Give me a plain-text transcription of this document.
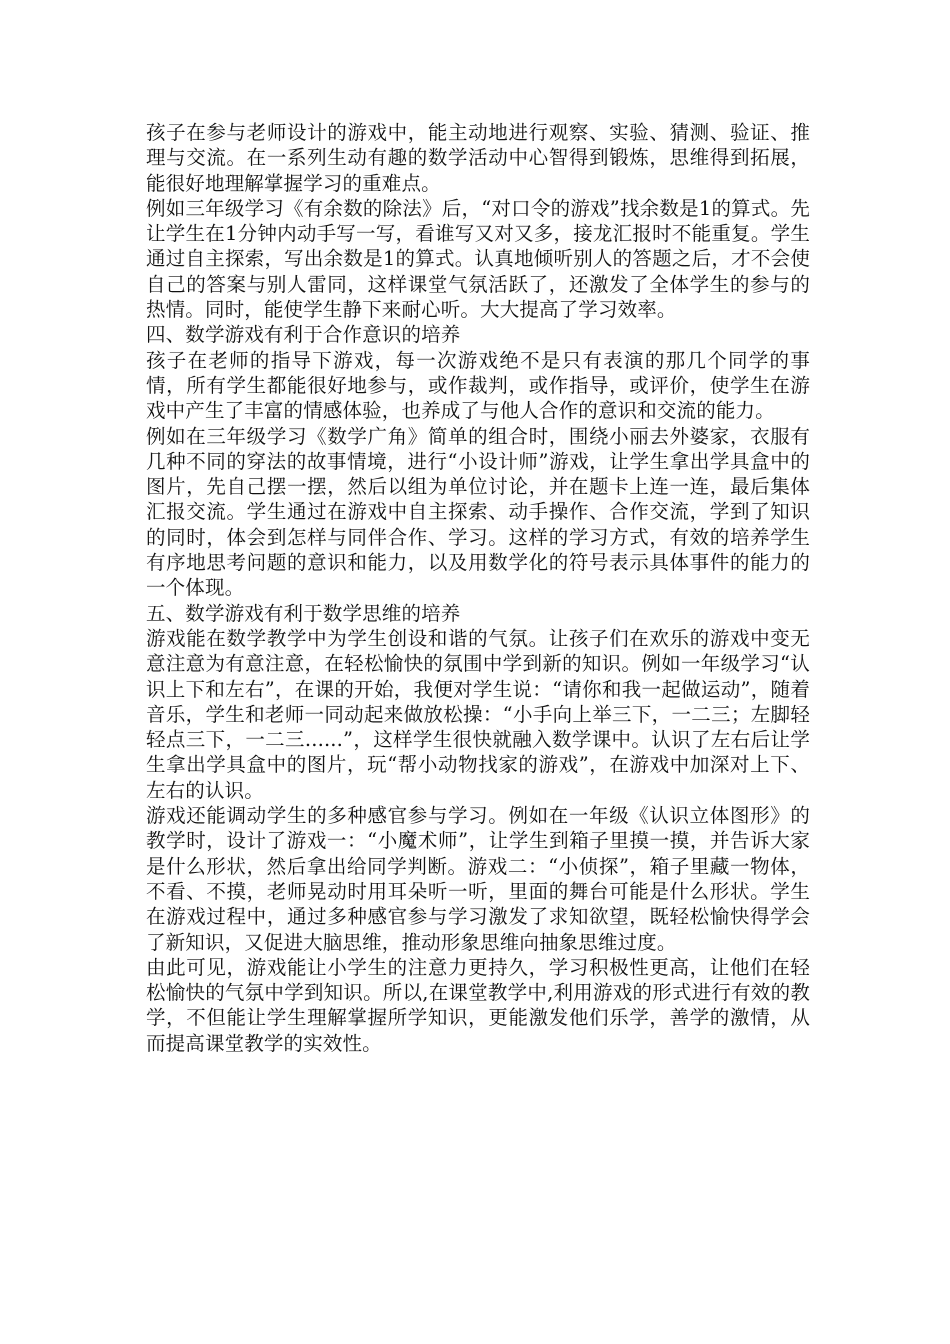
孩子在参与老师设计的游戏中，能主动地进行观察、实验、猜测、验证、推理与交流。在一系列生动有趣的数学活动中心智得到锻炼，思维得到拓展，能很好地理解掌握学习的重难点。

例如三年级学习《有余数的除法》后，“对口令的游戏”找余数是1的算式。先让学生在1分钟内动手写一写，看谁写又对又多，接龙汇报时不能重复。学生通过自主探索，写出余数是1的算式。认真地倾听别人的答题之后，才不会使自己的答案与别人雷同，这样课堂气氛活跃了，还激发了全体学生的参与的热情。同时，能使学生静下来耐心听。大大提高了学习效率。

四、数学游戏有利于合作意识的培养

孩子在老师的指导下游戏，每一次游戏绝不是只有表演的那几个同学的事情，所有学生都能很好地参与，或作裁判，或作指导，或评价，使学生在游戏中产生了丰富的情感体验，也养成了与他人合作的意识和交流的能力。

例如在三年级学习《数学广角》简单的组合时，围绕小丽去外婆家，衣服有几种不同的穿法的故事情境，进行“小设计师”游戏，让学生拿出学具盒中的图片，先自己摆一摆，然后以组为单位讨论，并在题卡上连一连，最后集体汇报交流。学生通过在游戏中自主探索、动手操作、合作交流，学到了知识的同时，体会到怎样与同伴合作、学习。这样的学习方式，有效的培养学生有序地思考问题的意识和能力，以及用数学化的符号表示具体事件的能力的一个体现。

五、数学游戏有利于数学思维的培养

游戏能在数学教学中为学生创设和谐的气氛。让孩子们在欢乐的游戏中变无意注意为有意注意，在轻松愉快的氛围中学到新的知识。例如一年级学习“认识上下和左右”，在课的开始，我便对学生说：“请你和我一起做运动”，随着音乐，学生和老师一同动起来做放松操：“小手向上举三下，一二三；左脚轻轻点三下，一二三......”，这样学生很快就融入数学课中。认识了左右后让学生拿出学具盒中的图片，玩“帮小动物找家的游戏”，在游戏中加深对上下、左右的认识。

游戏还能调动学生的多种感官参与学习。例如在一年级《认识立体图形》的教学时，设计了游戏一：“小魔术师”，让学生到箱子里摸一摸，并告诉大家是什么形状，然后拿出给同学判断。游戏二：“小侦探”，箱子里藏一物体，不看、不摸，老师晃动时用耳朵听一听，里面的舞台可能是什么形状。学生在游戏过程中，通过多种感官参与学习激发了求知欲望，既轻松愉快得学会了新知识，又促进大脑思维，推动形象思维向抽象思维过度。

由此可见，游戏能让小学生的注意力更持久，学习积极性更高，让他们在轻松愉快的气氛中学到知识。所以,在课堂教学中,利用游戏的形式进行有效的教学，不但能让学生理解掌握所学知识，更能激发他们乐学，善学的激情，从而提高课堂教学的实效性。
